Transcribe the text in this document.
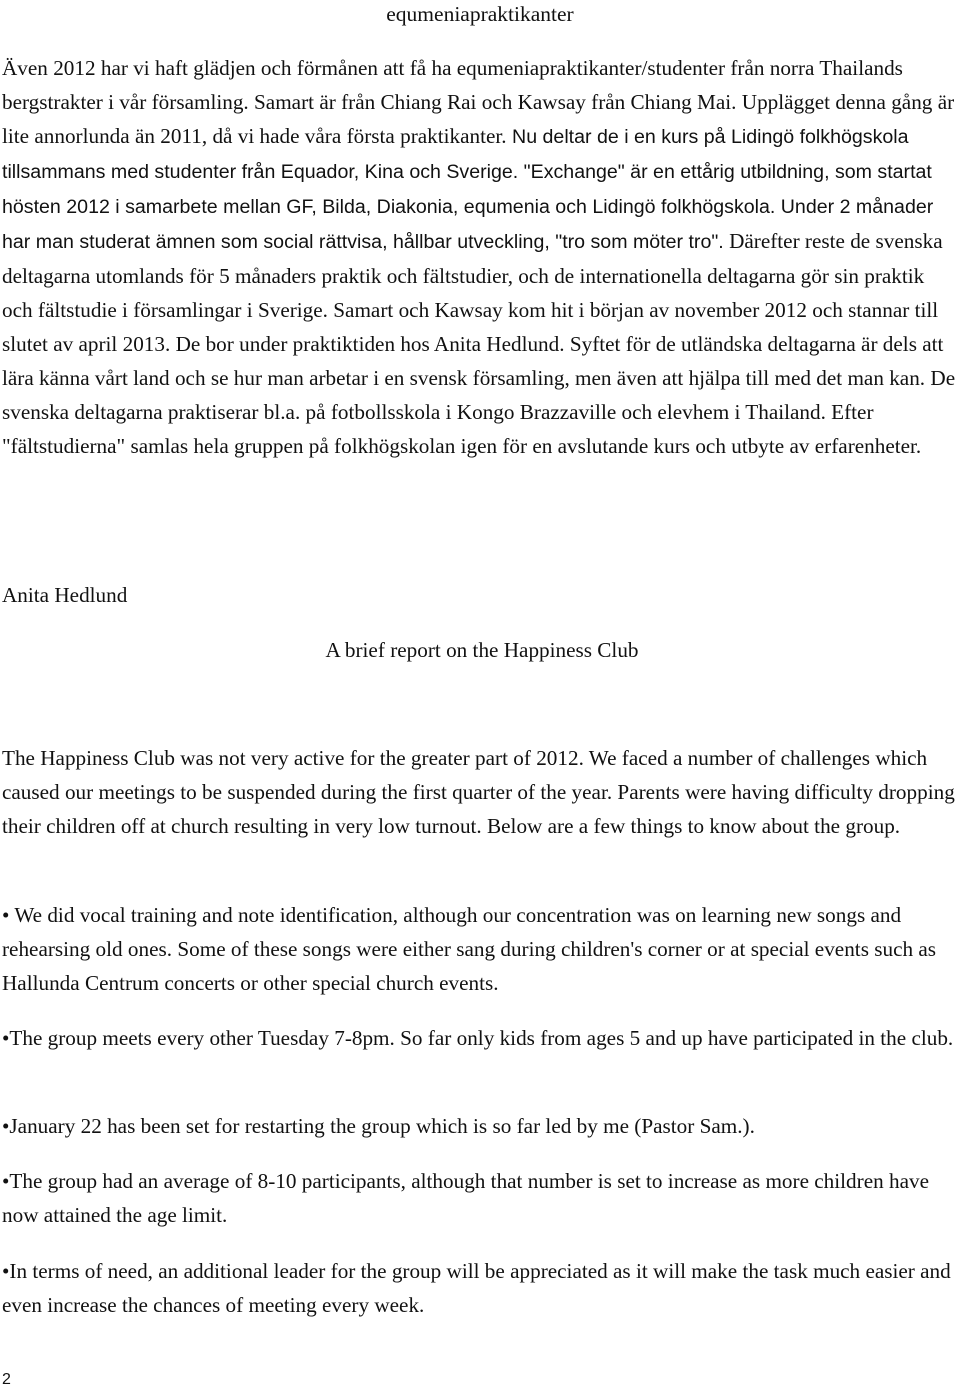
equmeniapraktikanter

Även 2012 har vi haft glädjen och förmånen att få ha equmeniapraktikanter/studenter från norra Thailands bergstrakter i vår församling. Samart är från Chiang Rai och Kawsay från Chiang Mai. Upplägget denna gång är lite annorlunda än 2011, då vi hade våra första praktikanter. Nu deltar de i en kurs på Lidingö folkhögskola tillsammans med studenter från Equador, Kina och Sverige. "Exchange" är en ettårig utbildning, som startat hösten 2012 i samarbete mellan GF, Bilda, Diakonia, equmenia och Lidingö folkhögskola. Under 2 månader har man studerat ämnen som social rättvisa, hållbar utveckling, "tro som möter tro". Därefter reste de svenska deltagarna utomlands för 5 månaders praktik och fältstudier, och de internationella deltagarna gör sin praktik och fältstudie i församlingar i Sverige. Samart och Kawsay kom hit i början av november 2012 och stannar till slutet av april 2013. De bor under praktiktiden hos Anita Hedlund. Syftet för de utländska deltagarna är dels att lära känna vårt land och se hur man arbetar i en svensk församling, men även att hjälpa till med det man kan. De svenska deltagarna praktiserar bl.a. på fotbollsskola i Kongo Brazzaville och elevhem i Thailand. Efter "fältstudierna" samlas hela gruppen på folkhögskolan igen för en avslutande kurs och utbyte av erfarenheter.

Anita Hedlund

A brief report on the Happiness Club

The Happiness Club was not very active for the greater part of 2012. We faced a number of challenges which caused our meetings to be suspended during the first quarter of the year. Parents were having difficulty dropping their children off at church resulting in very low turnout. Below are a few things to know about the group.

• We did vocal training and note identification, although our concentration was on learning new songs and rehearsing old ones. Some of these songs were either sang during children's corner or at special events such as Hallunda Centrum concerts or other special church events.

•The group meets every other Tuesday 7-8pm. So far only kids from ages 5 and up have participated in the club.

•January 22 has been set for restarting the group which is so far led by me (Pastor Sam.).

•The group had an average of 8-10 participants, although that number is set to increase as more children have now attained the age limit.

•In terms of need, an additional leader for the group will be appreciated as it will make the task much easier and even increase the chances of meeting every week.

2
